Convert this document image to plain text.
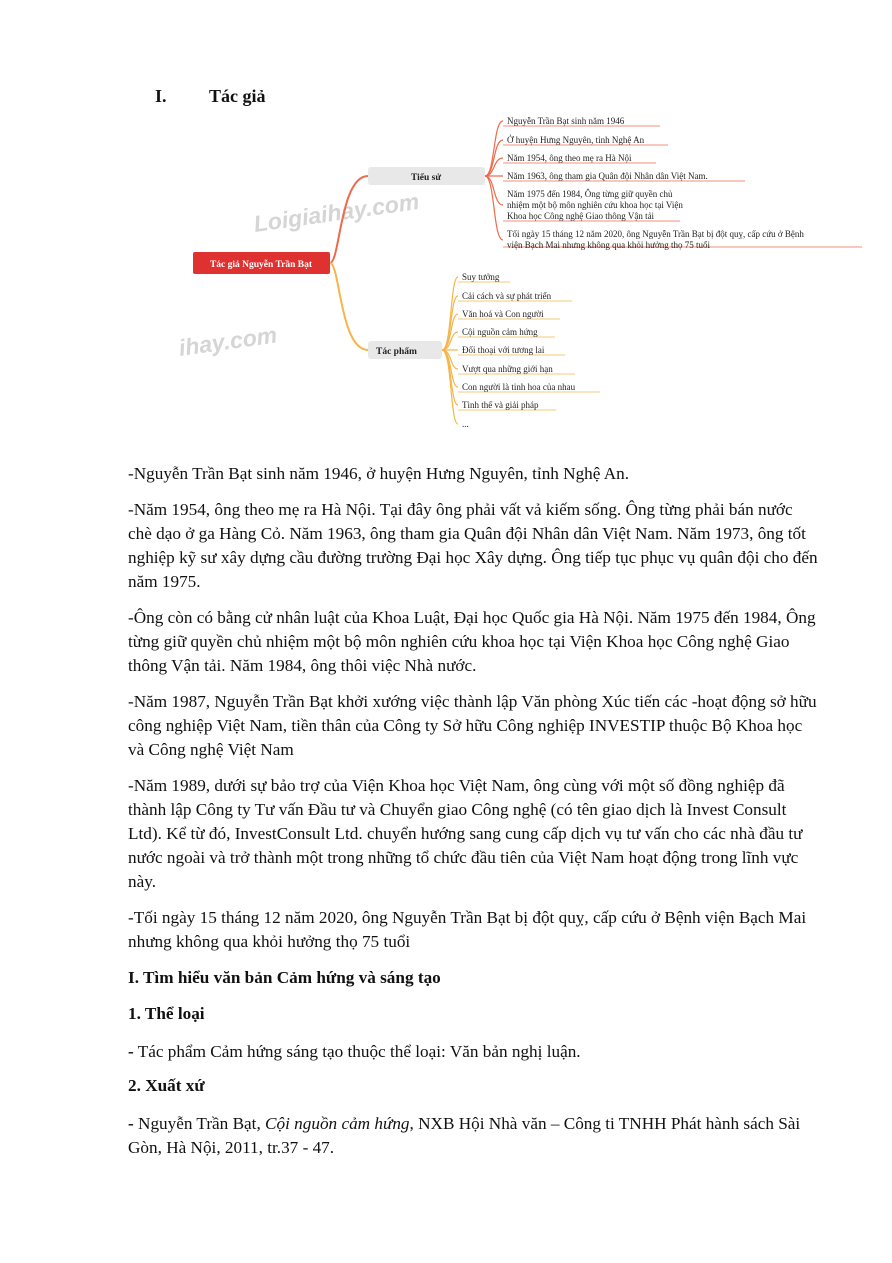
I. Tác giả
Loigiaihay.com
ihay.com
Tác giả Nguyễn Trần Bạt
Tiểu sử
Tác phẩm
Nguyễn Trần Bạt sinh năm 1946
Ở huyện Hưng Nguyên, tỉnh Nghệ An
Năm 1954, ông theo mẹ ra Hà Nội
Năm 1963, ông tham gia Quân đội Nhân dân Việt Nam.
Năm 1975 đến 1984, Ông từng giữ quyền chủ
nhiệm một bộ môn nghiên cứu khoa học tại Viện
Khoa học Công nghệ Giao thông Vận tải
Tối ngày 15 tháng 12 năm 2020, ông Nguyễn Trần Bạt bị đột quỵ, cấp cứu ở Bệnh
viện Bạch Mai nhưng không qua khỏi hưởng thọ 75 tuổi
Suy tưởng
Cải cách và sự phát triển
Văn hoá và Con người
Cội nguồn cảm hứng
Đối thoại với tương lai
Vượt qua những giới hạn
Con người là tinh hoa của nhau
Tình thế và giải pháp
...

-Nguyễn Trần Bạt sinh năm 1946, ở huyện Hưng Nguyên, tỉnh Nghệ An.

-Năm 1954, ông theo mẹ ra Hà Nội. Tại đây ông phải vất vả kiếm sống. Ông từng phải bán nước chè dạo ở ga Hàng Cỏ. Năm 1963, ông tham gia Quân đội Nhân dân Việt Nam. Năm 1973, ông tốt nghiệp kỹ sư xây dựng cầu đường trường Đại học Xây dựng. Ông tiếp tục phục vụ quân đội cho đến năm 1975.

-Ông còn có bằng cử nhân luật của Khoa Luật, Đại học Quốc gia Hà Nội. Năm 1975 đến 1984, Ông từng giữ quyền chủ nhiệm một bộ môn nghiên cứu khoa học tại Viện Khoa học Công nghệ Giao thông Vận tải. Năm 1984, ông thôi việc Nhà nước.

-Năm 1987, Nguyễn Trần Bạt khởi xướng việc thành lập Văn phòng Xúc tiến các -hoạt động sở hữu công nghiệp Việt Nam, tiền thân của Công ty Sở hữu Công nghiệp INVESTIP thuộc Bộ Khoa học và Công nghệ Việt Nam

-Năm 1989, dưới sự bảo trợ của Viện Khoa học Việt Nam, ông cùng với một số đồng nghiệp đã thành lập Công ty Tư vấn Đầu tư và Chuyển giao Công nghệ (có tên giao dịch là Invest Consult Ltd). Kể từ đó, InvestConsult Ltd. chuyển hướng sang cung cấp dịch vụ tư vấn cho các nhà đầu tư nước ngoài và trở thành một trong những tổ chức đầu tiên của Việt Nam hoạt động trong lĩnh vực này.

-Tối ngày 15 tháng 12 năm 2020, ông Nguyễn Trần Bạt bị đột quỵ, cấp cứu ở Bệnh viện Bạch Mai nhưng không qua khỏi hưởng thọ 75 tuổi

I. Tìm hiểu văn bản Cảm hứng và sáng tạo
1. Thể loại
- Tác phẩm Cảm hứng sáng tạo thuộc thể loại: Văn bản nghị luận.
2. Xuất xứ
- Nguyễn Trần Bạt, Cội nguồn cảm hứng, NXB Hội Nhà văn – Công ti TNHH Phát hành sách Sài Gòn, Hà Nội, 2011, tr.37 - 47.
